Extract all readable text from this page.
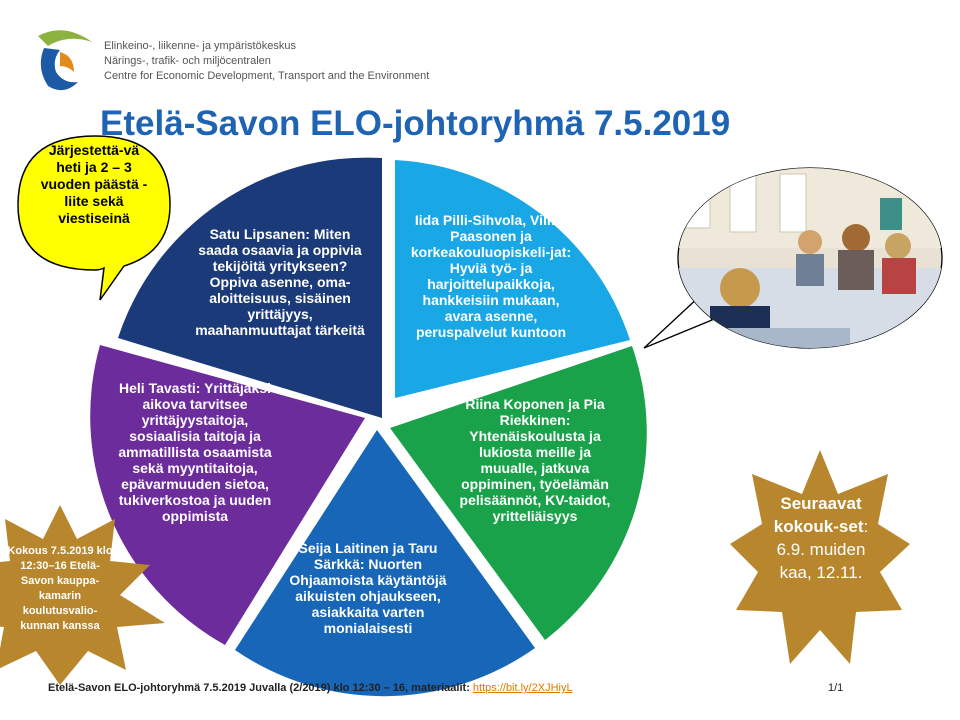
Elinkeino-, liikenne- ja ympäristökeskus
Närings-, trafik- och miljöcentralen
Centre for Economic Development, Transport and the Environment
Etelä-Savon ELO-johtoryhmä 7.5.2019

Satu Lipsanen: Miten saada osaavia ja oppivia tekijöitä yritykseen? Oppiva asenne, oma-aloitteisuus, sisäinen yrittäjyys, maahanmuuttajat tärkeitä

Iida Pilli-Sihvola, Vilma Paasonen ja korkeakouluopiskeli-jat: Hyviä työ- ja harjoittelupaikkoja, hankkeisiin mukaan, avara asenne, peruspalvelut kuntoon

Riina Koponen ja Pia Riekkinen: Yhtenäiskoulusta ja lukiosta meille ja muualle, jatkuva oppiminen, työelämän pelisäännöt, KV-taidot, yritteliäisyys

Seija Laitinen ja Taru Särkkä: Nuorten Ohjaamoista käytäntöjä aikuisten ohjaukseen, asiakkaita varten monialaisesti

Heli Tavasti: Yrittäjäksi aikova tarvitsee yrittäjyystaitoja, sosiaalisia taitoja ja ammatillista osaamista sekä myyntitaitoja, epävarmuuden sietoa, tukiverkostoa ja uuden oppimista

Järjestettä-vä heti ja 2 – 3 vuoden päästä -liite sekä viestiseinä
Kokous 7.5.2019 klo 12:30–16 Etelä-Savon kauppa-kamarin koulutusvalio-kunnan kanssa
Seuraavat kokouk-set: 6.9. muiden kaa, 12.11.
Etelä-Savon ELO-johtoryhmä 7.5.2019 Juvalla (2/2019) klo 12:30 – 16, materiaalit: https://bit.ly/2XJHiyL	1/1
